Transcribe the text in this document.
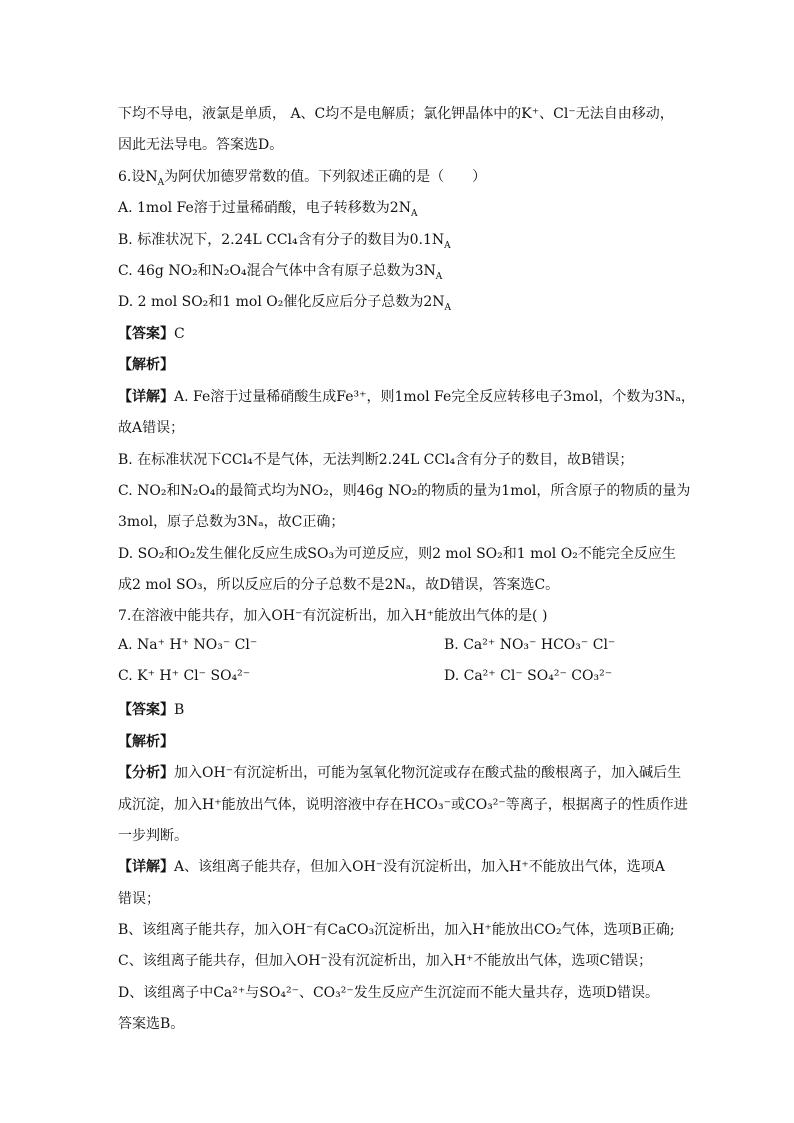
下均不导电，液氯是单质， A、C均不是电解质；氯化钾晶体中的K⁺、Cl⁻无法自由移动，
因此无法导电。答案选D。
6.设$N_A$为阿伏加德罗常数的值。下列叙述正确的是（　　）
A. 1mol Fe溶于过量稀硝酸，电子转移数为$2N_A$
B. 标准状况下，2.24L CCl₄含有分子的数目为$0.1N_A$
C. 46g NO₂和N₂O₄混合气体中含有原子总数为$3N_A$
D. 2 mol SO₂和1 mol O₂催化反应后分子总数为$2N_A$
【答案】C
【解析】
【详解】A. Fe溶于过量稀硝酸生成Fe³⁺，则1mol Fe完全反应转移电子3mol，个数为3Nₐ，
故A错误；
B. 在标准状况下CCl₄不是气体，无法判断2.24L CCl₄含有分子的数目，故B错误；
C. NO₂和N₂O₄的最简式均为NO₂，则46g NO₂的物质的量为1mol，所含原子的物质的量为
3mol，原子总数为3Nₐ，故C正确；
D. SO₂和O₂发生催化反应生成SO₃为可逆反应，则2 mol SO₂和1 mol O₂不能完全反应生
成2 mol SO₃，所以反应后的分子总数不是2Nₐ，故D错误，答案选C。
7.在溶液中能共存，加入OH⁻有沉淀析出，加入H⁺能放出气体的是( )
A. Na⁺ H⁺ NO₃⁻ Cl⁻	B. Ca²⁺ NO₃⁻ HCO₃⁻ Cl⁻
C. K⁺ H⁺ Cl⁻ SO₄²⁻	D. Ca²⁺ Cl⁻ SO₄²⁻ CO₃²⁻
【答案】B
【解析】
【分析】加入OH⁻有沉淀析出，可能为氢氧化物沉淀或存在酸式盐的酸根离子，加入碱后生
成沉淀，加入H⁺能放出气体，说明溶液中存在HCO₃⁻或CO₃²⁻等离子，根据离子的性质作进
一步判断。
【详解】A、该组离子能共存，但加入OH⁻没有沉淀析出，加入H⁺不能放出气体，选项A
错误；
B、该组离子能共存，加入OH⁻有CaCO₃沉淀析出，加入H⁺能放出CO₂气体，选项B正确;
C、该组离子能共存，但加入OH⁻没有沉淀析出，加入H⁺不能放出气体，选项C错误；
D、该组离子中Ca²⁺与SO₄²⁻、CO₃²⁻发生反应产生沉淀而不能大量共存，选项D错误。
答案选B。
